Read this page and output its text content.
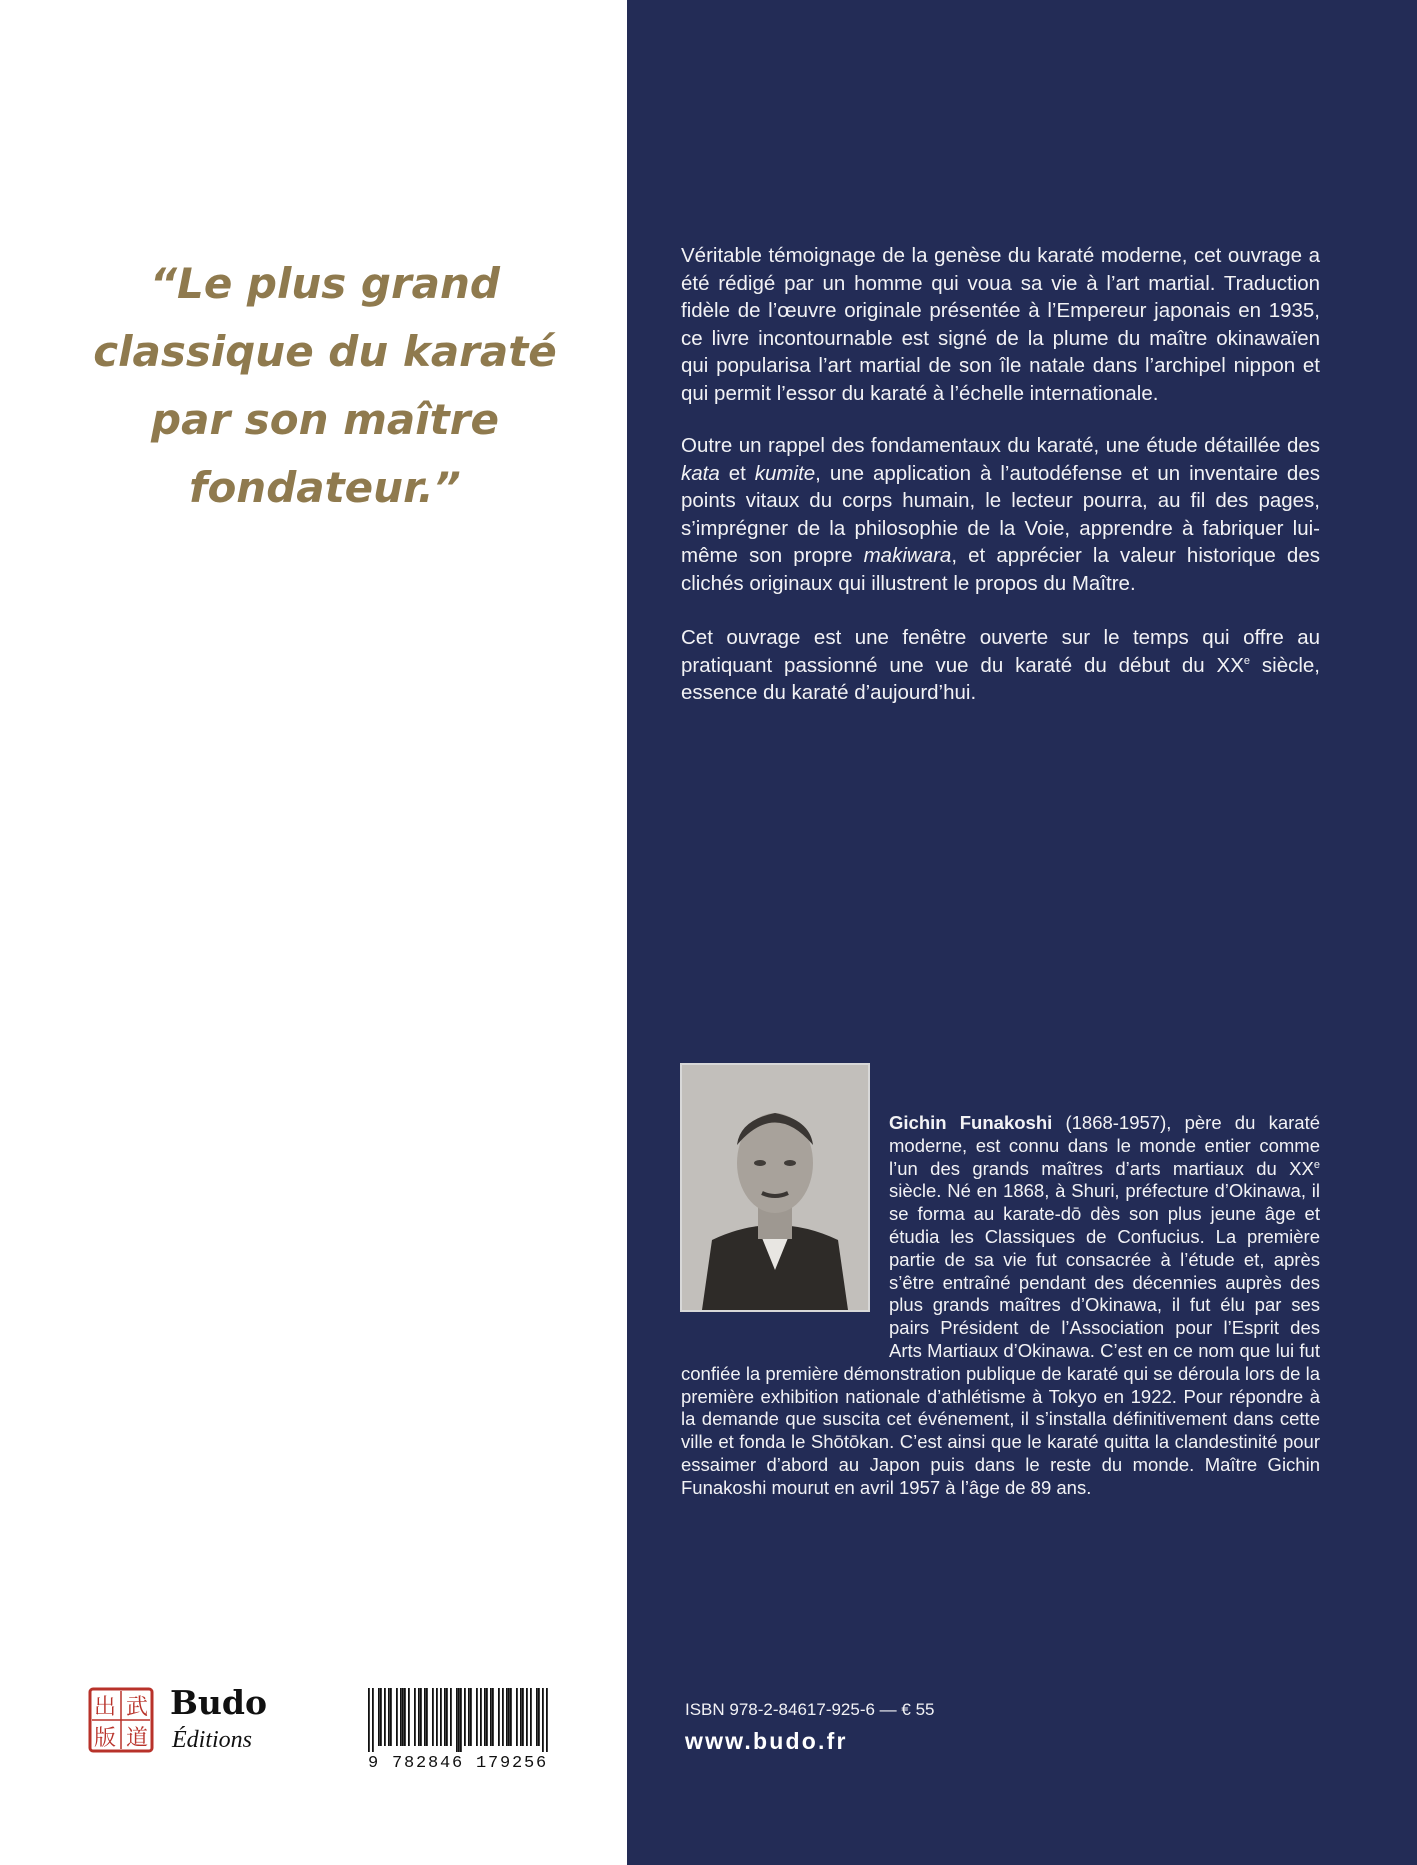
“Le plus grand
classique du karaté
par son maître
fondateur.”
出 武
版 道

Budo

Éditions

9 782846 179256

Véritable témoignage de la genèse du karaté moderne, cet ouvrage a été rédigé par un homme qui voua sa vie à l’art martial. Traduction fidèle de l’œuvre originale présentée à l’Empereur japonais en 1935, ce livre incontournable est signé de la plume du maître okinawaïen qui popularisa l’art martial de son île natale dans l’archipel nippon et qui permit l’essor du karaté à l’échelle internationale.

Outre un rappel des fondamentaux du karaté, une étude détaillée des kata et kumite, une application à l’autodéfense et un inventaire des points vitaux du corps humain, le lecteur pourra, au fil des pages, s’imprégner de la philosophie de la Voie, apprendre à fabriquer lui-même son propre makiwara, et apprécier la valeur historique des clichés originaux qui illustrent le propos du Maître.

Cet ouvrage est une fenêtre ouverte sur le temps qui offre au pratiquant passionné une vue du karaté du début du XXe siècle, essence du karaté d’aujourd’hui.

Gichin Funakoshi (1868-1957), père du karaté moderne, est connu dans le monde entier comme l’un des grands maîtres d’arts martiaux du XXe siècle. Né en 1868, à Shuri, préfecture d’Okinawa, il se forma au karate-dō dès son plus jeune âge et étudia les Classiques de Confucius. La première partie de sa vie fut consacrée à l’étude et, après s’être entraîné pendant des décennies auprès des plus grands maîtres d’Okinawa, il fut élu par ses pairs Président de l’Association pour l’Esprit des Arts Martiaux d’Okinawa. C’est en ce nom que lui fut confiée la première démonstration publique de karaté qui se déroula lors de la première exhibition nationale d’athlétisme à Tokyo en 1922. Pour répondre à la demande que suscita cet événement, il s’installa définitivement dans cette ville et fonda le Shōtōkan. C’est ainsi que le karaté quitta la clandestinité pour essaimer d’abord au Japon puis dans le reste du monde. Maître Gichin Funakoshi mourut en avril 1957 à l’âge de 89 ans.

ISBN 978-2-84617-925-6 — € 55

www.budo.fr
